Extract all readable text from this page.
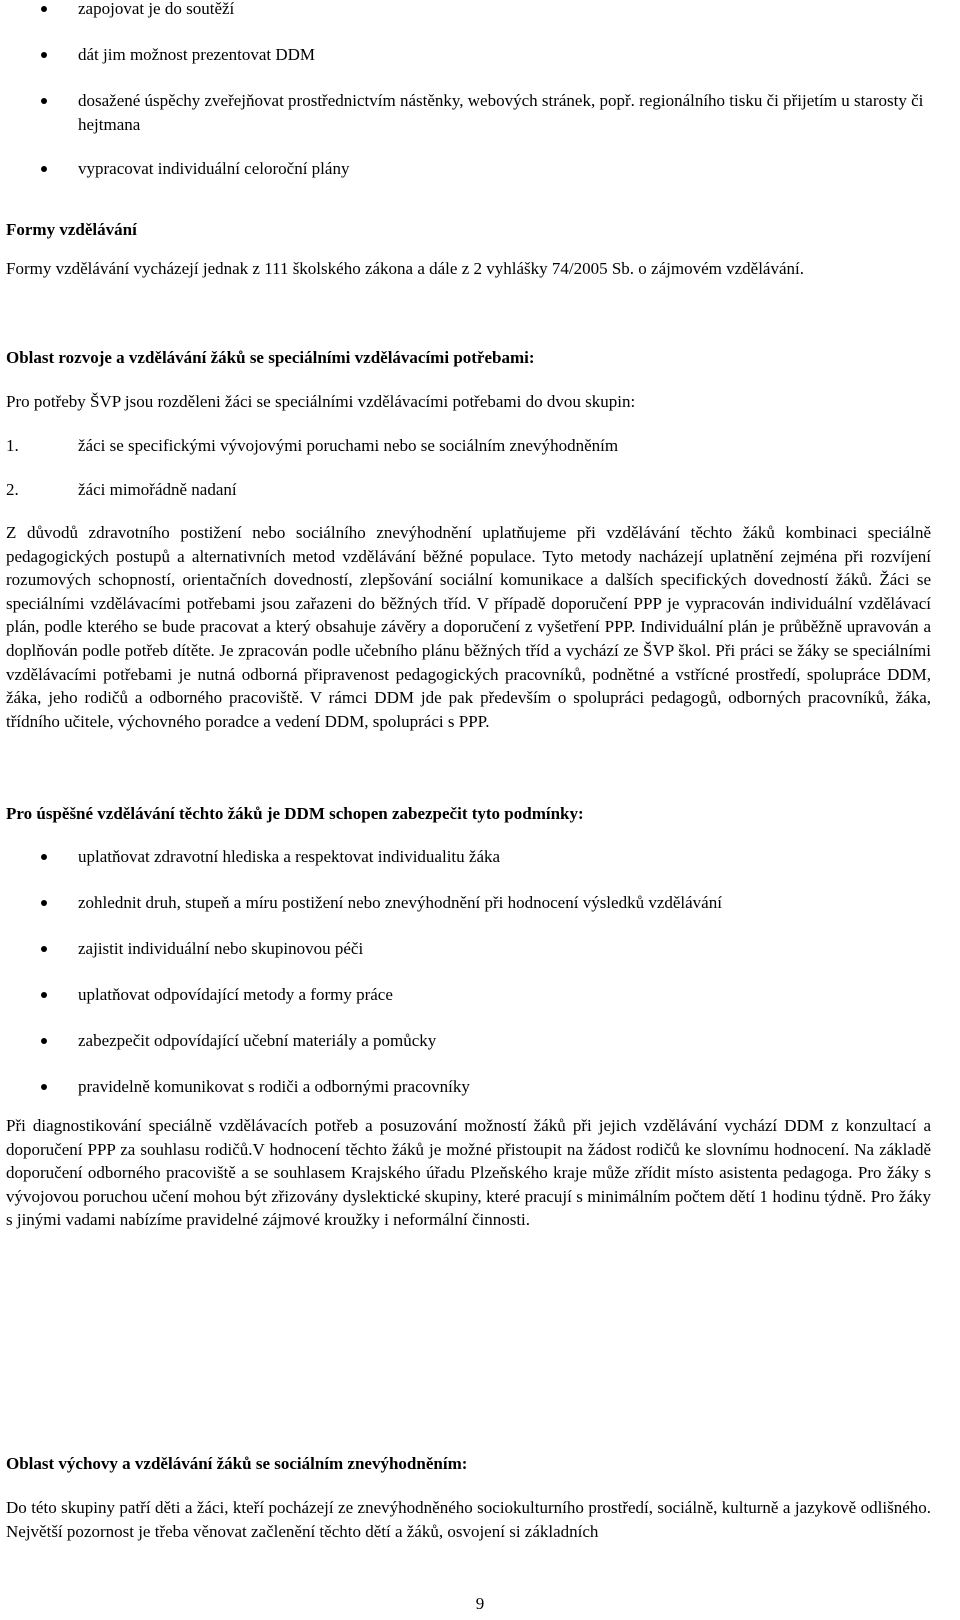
zapojovat je do soutěží
dát jim možnost prezentovat DDM
dosažené úspěchy zveřejňovat prostřednictvím nástěnky, webových stránek, popř. regionálního tisku či přijetím u starosty či hejtmana
vypracovat individuální celoroční plány

Formy vzdělávání

Formy vzdělávání vycházejí jednak z 111 školského zákona a dále z 2 vyhlášky 74/2005 Sb. o zájmovém vzdělávání.

Oblast rozvoje a vzdělávání žáků se speciálními vzdělávacími potřebami:

Pro potřeby ŠVP jsou rozděleni žáci se speciálními vzdělávacími potřebami do dvou skupin:

1.	žáci se specifickými vývojovými poruchami nebo se sociálním znevýhodněním
2.	žáci mimořádně nadaní

Z důvodů zdravotního postižení nebo sociálního znevýhodnění uplatňujeme při vzdělávání těchto žáků kombinaci speciálně pedagogických postupů a alternativních metod vzdělávání běžné populace. Tyto metody nacházejí uplatnění zejména při rozvíjení rozumových schopností, orientačních dovedností, zlepšování sociální komunikace a dalších specifických dovedností žáků. Žáci se speciálními vzdělávacími potřebami jsou zařazeni do běžných tříd. V případě doporučení PPP je vypracován individuální vzdělávací plán, podle kterého se bude pracovat a který obsahuje závěry a doporučení z vyšetření PPP. Individuální plán je průběžně upravován a doplňován podle potřeb dítěte. Je zpracován podle učebního plánu běžných tříd a vychází ze ŠVP škol. Při práci se žáky se speciálními vzdělávacími potřebami je nutná odborná připravenost pedagogických pracovníků, podnětné a vstřícné prostředí, spolupráce DDM, žáka, jeho rodičů a odborného pracoviště. V rámci DDM jde pak především o spolupráci pedagogů, odborných pracovníků, žáka, třídního učitele, výchovného poradce a vedení DDM, spolupráci s PPP.

Pro úspěšné vzdělávání těchto žáků je DDM schopen zabezpečit tyto podmínky:

uplatňovat zdravotní hlediska a respektovat individualitu žáka
zohlednit druh, stupeň a míru postižení nebo znevýhodnění při hodnocení výsledků vzdělávání
zajistit individuální nebo skupinovou péči
uplatňovat odpovídající metody a formy práce
zabezpečit odpovídající učební materiály a pomůcky
pravidelně komunikovat s rodiči a odbornými pracovníky

Při diagnostikování speciálně vzdělávacích potřeb a posuzování možností žáků při jejich vzdělávání vychází DDM z konzultací a doporučení PPP za souhlasu rodičů.V hodnocení těchto žáků je možné přistoupit na žádost rodičů ke slovnímu hodnocení. Na základě doporučení odborného pracoviště a se souhlasem Krajského úřadu Plzeňského kraje může zřídit místo asistenta pedagoga. Pro žáky s vývojovou poruchou učení mohou být zřizovány dyslektické skupiny, které pracují s minimálním počtem dětí 1 hodinu týdně. Pro žáky s jinými vadami nabízíme pravidelné zájmové kroužky i neformální činnosti.

Oblast výchovy a vzdělávání žáků se sociálním znevýhodněním:

Do této skupiny patří děti a žáci, kteří pocházejí ze znevýhodněného sociokulturního prostředí, sociálně, kulturně a jazykově odlišného. Největší pozornost je třeba věnovat začlenění těchto dětí a žáků, osvojení si základních

9
